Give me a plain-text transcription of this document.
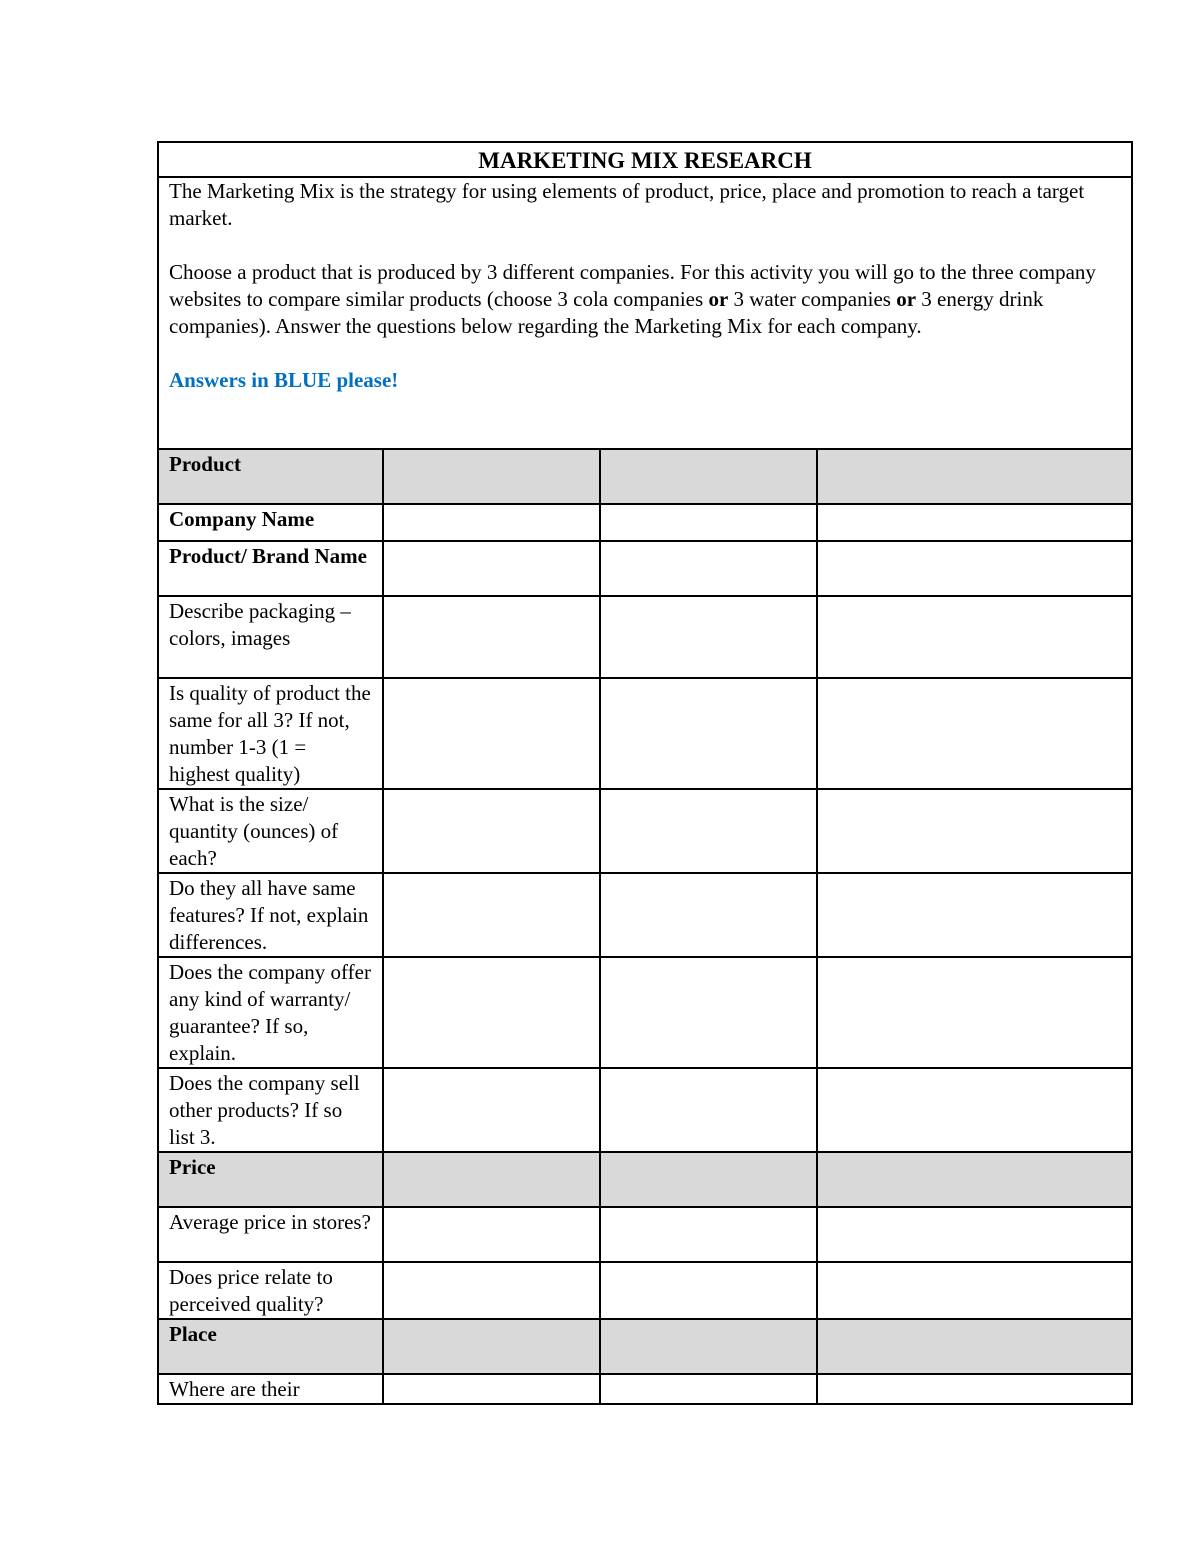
MARKETING MIX RESEARCH			

The Marketing Mix is the strategy for using elements of product, price, place and promotion to reach a target market.

Choose a product that is produced by 3 different companies. For this activity you will go to the three company websites to compare similar products (choose 3 cola companies or 3 water companies or 3 energy drink companies). Answer the questions below regarding the Marketing Mix for each company.

Answers in BLUE please!			

Product			
Company Name			
Product/ Brand Name			
Describe packaging – colors, images			
Is quality of product the same for all 3? If not, number 1-3 (1 = highest quality)			
What is the size/ quantity (ounces) of each?			
Do they all have same features? If not, explain differences.			
Does the company offer any kind of warranty/ guarantee? If so, explain.			
Does the company sell other products? If so list 3.			
Price			
Average price in stores?			
Does price relate to perceived quality?			
Place			
Where are their			
